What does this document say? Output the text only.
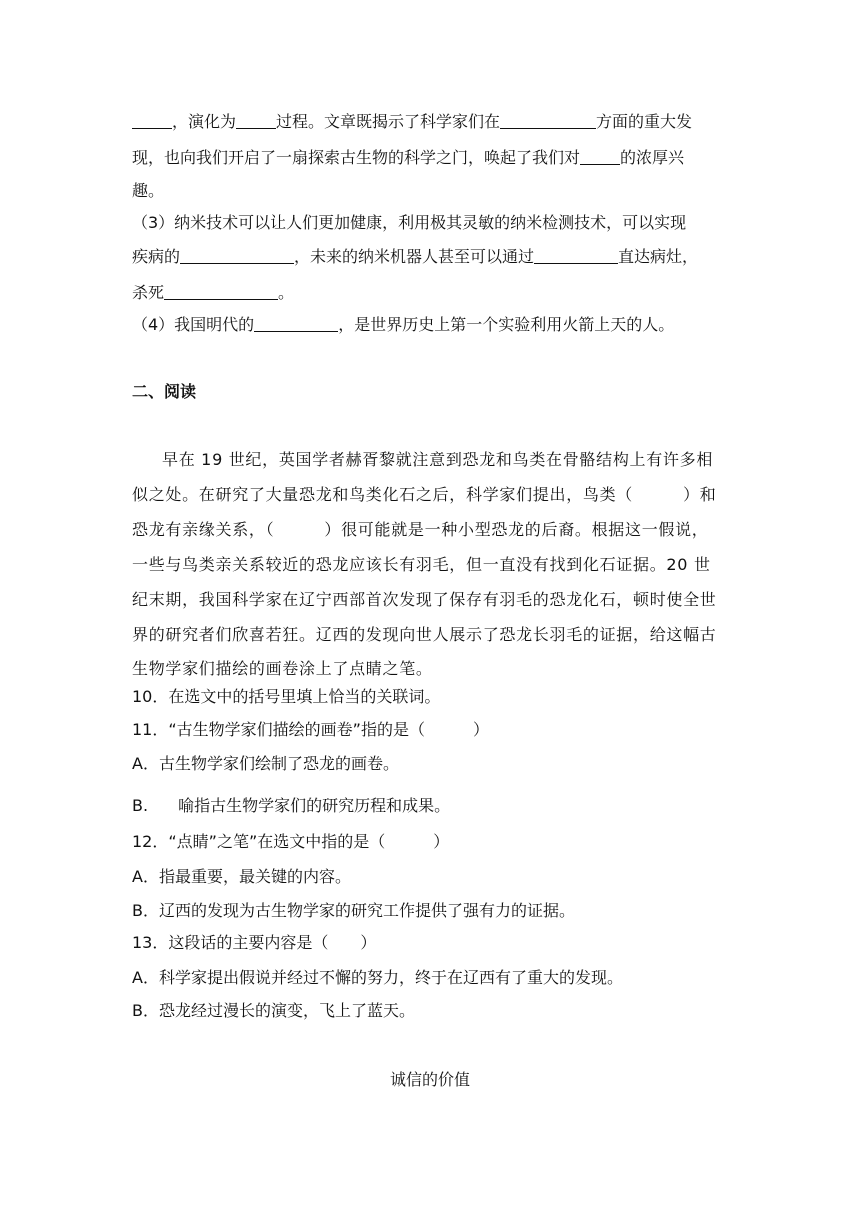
，演化为	过程。文章既揭示了科学家们在	方面的重大发
现，也向我们开启了一扇探索古生物的科学之门，唤起了我们对	的浓厚兴
趣。
（3）纳米技术可以让人们更加健康，利用极其灵敏的纳米检测技术，可以实现
疾病的	，未来的纳米机器人甚至可以通过	直达病灶，
杀死	。
（4）我国明代的	，是世界历史上第一个实验利用火箭上天的人。
二、阅读
早在 19 世纪，英国学者赫胥黎就注意到恐龙和鸟类在骨骼结构上有许多相
似之处。在研究了大量恐龙和鸟类化石之后，科学家们提出，鸟类（　　　）和
恐龙有亲缘关系，（　　　）很可能就是一种小型恐龙的后裔。根据这一假说，
一些与鸟类亲关系较近的恐龙应该长有羽毛，但一直没有找到化石证据。20 世
纪末期，我国科学家在辽宁西部首次发现了保存有羽毛的恐龙化石，顿时使全世
界的研究者们欣喜若狂。辽西的发现向世人展示了恐龙长羽毛的证据，给这幅古
生物学家们描绘的画卷涂上了点睛之笔。
10．在选文中的括号里填上恰当的关联词。
11．“古生物学家们描绘的画卷”指的是（　　　）
A．古生物学家们绘制了恐龙的画卷。
B. 喻指古生物学家们的研究历程和成果。
12．“点睛”之笔”在选文中指的是（　　　）
A．指最重要，最关键的内容。
B．辽西的发现为古生物学家的研究工作提供了强有力的证据。
13．这段话的主要内容是（　　）
A．科学家提出假说并经过不懈的努力，终于在辽西有了重大的发现。
B．恐龙经过漫长的演变，飞上了蓝天。
诚信的价值
